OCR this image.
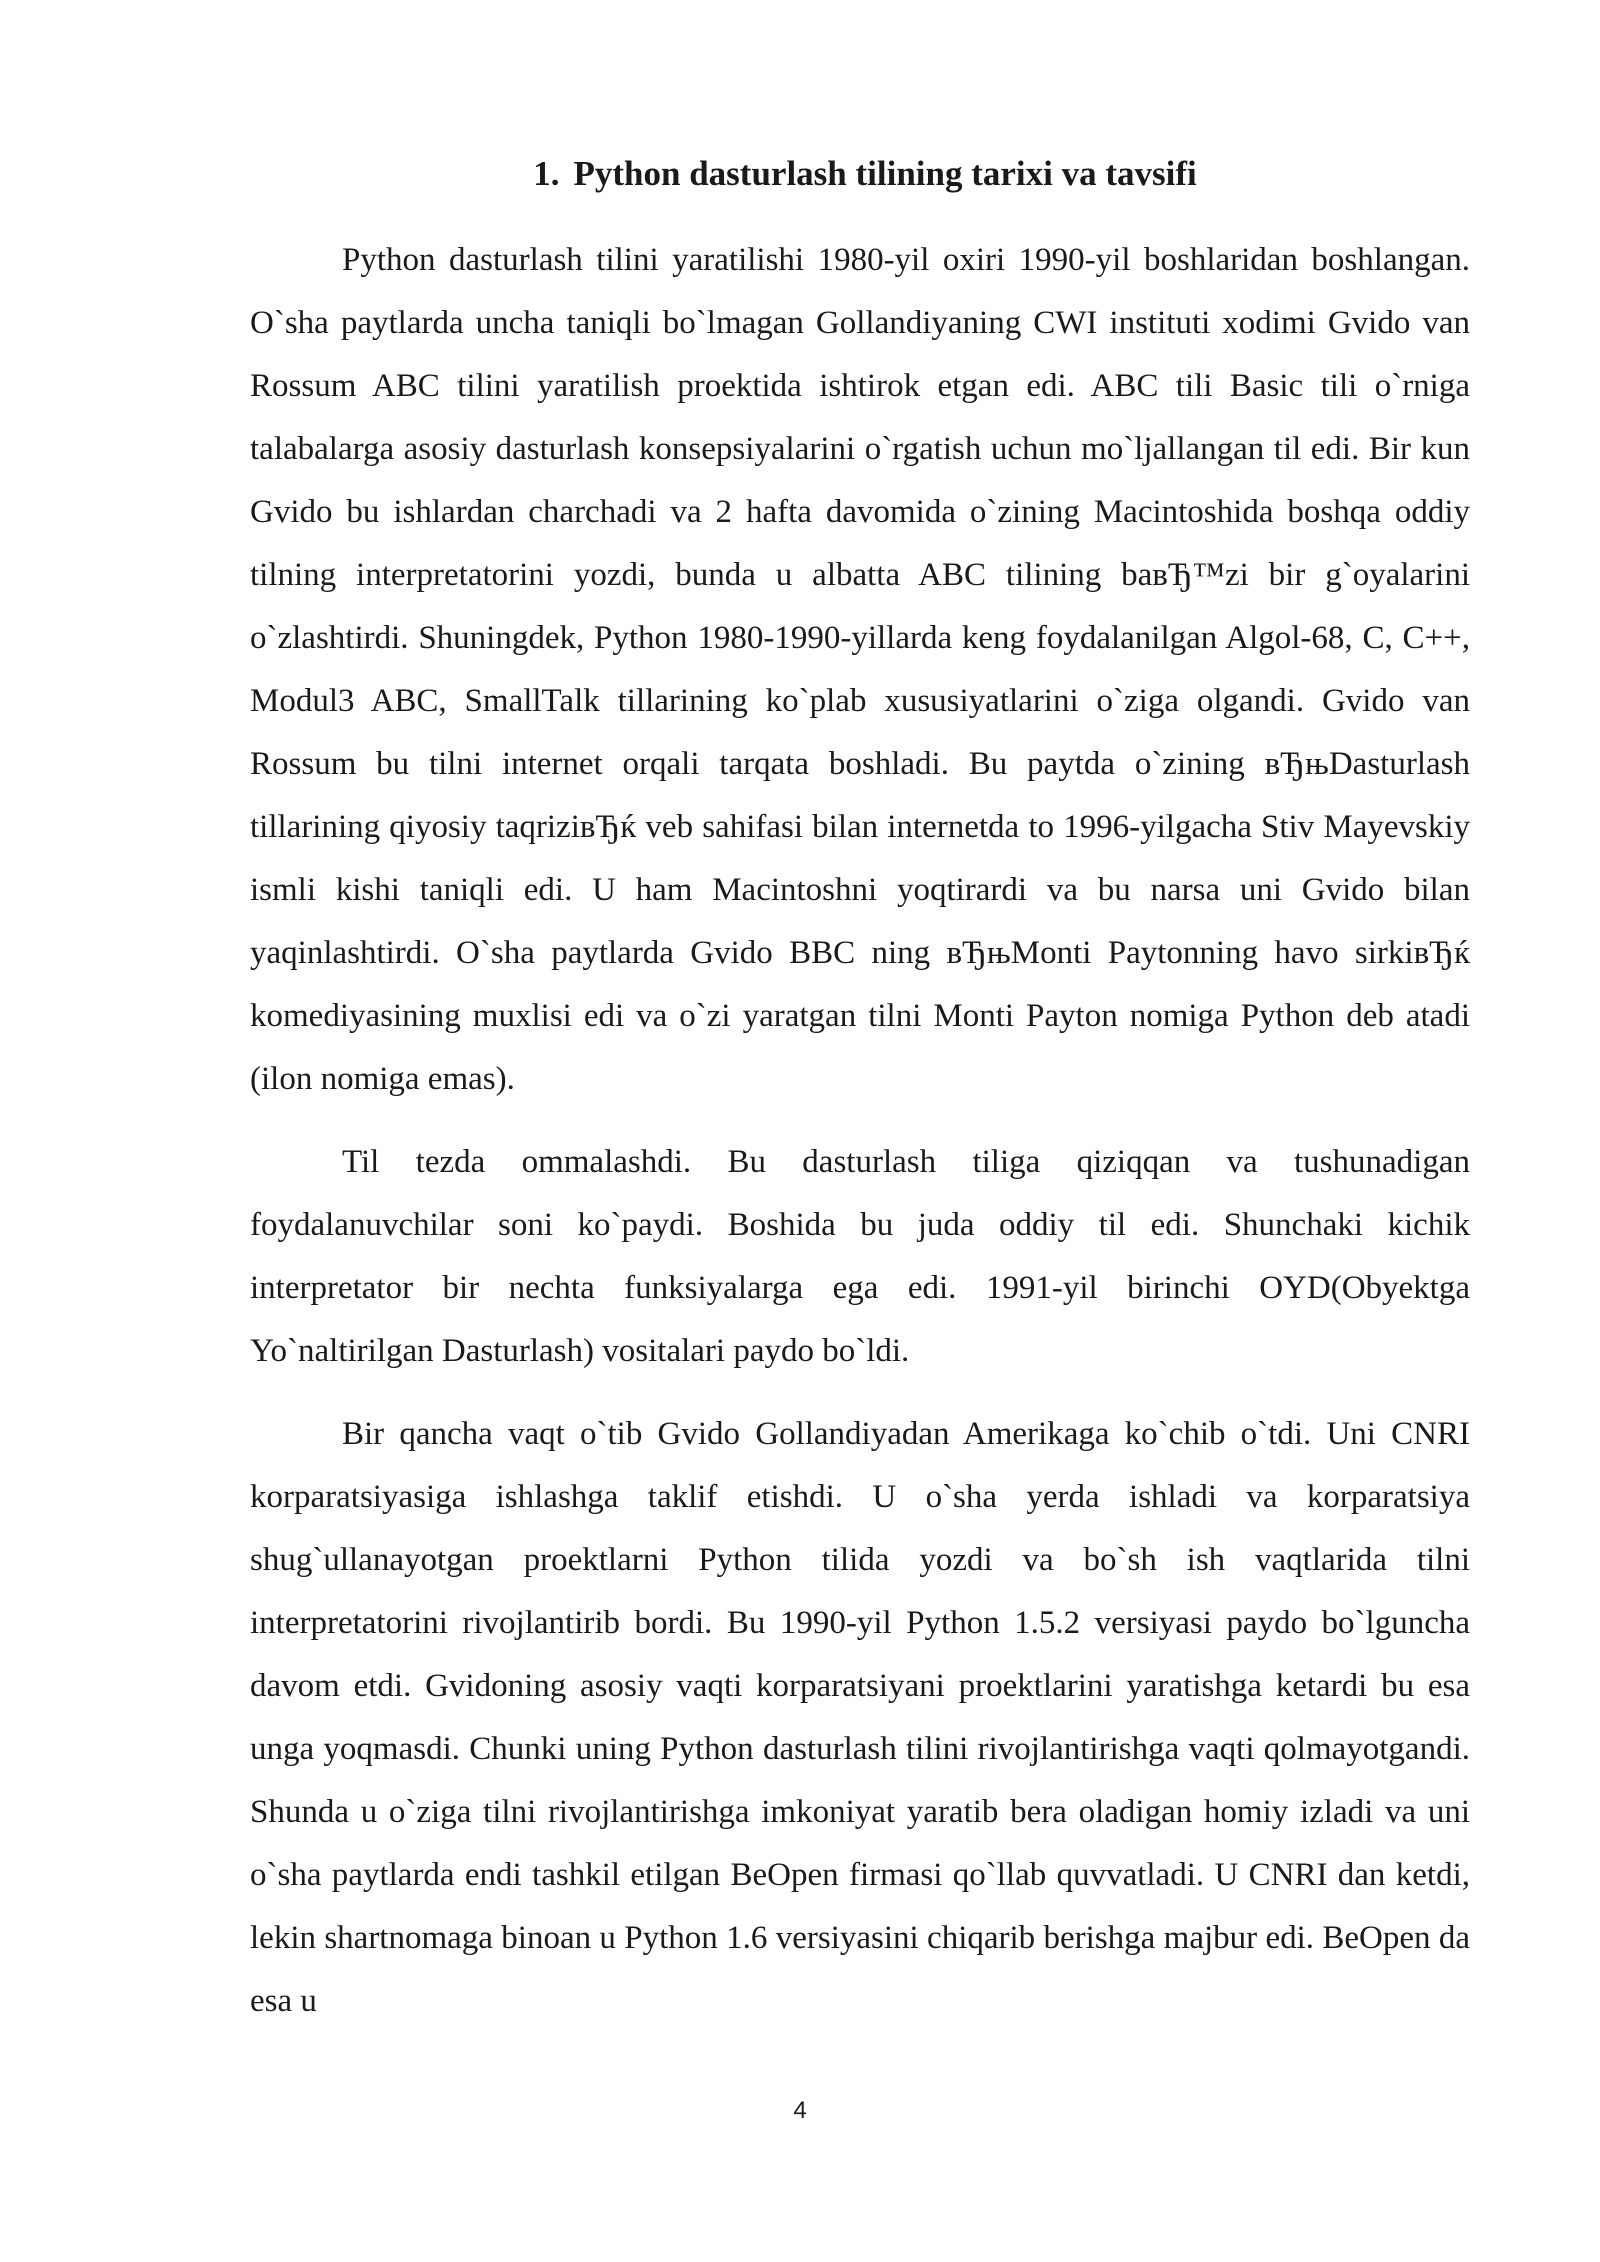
1. Python dasturlash tilining tarixi va tavsifi

Python dasturlash tilini yaratilishi 1980-yil oxiri 1990-yil boshlaridan boshlangan. O`sha paytlarda uncha taniqli bo`lmagan Gollandiyaning CWI instituti xodimi Gvido van Rossum ABC tilini yaratilish proektida ishtirok etgan edi. ABC tili Basic tili o`rniga talabalarga asosiy dasturlash konsepsiyalarini o`rgatish uchun mo`ljallangan til edi. Bir kun Gvido bu ishlardan charchadi va 2 hafta davomida o`zining Macintoshida boshqa oddiy tilning interpretatorini yozdi, bunda u albatta ABC tilining baвЂ™zi bir g`oyalarini o`zlashtirdi. Shuningdek, Python 1980-1990-yillarda keng foydalanilgan Algol-68, C, C++, Modul3 ABC, SmallTalk tillarining ko`plab xususiyatlarini o`ziga olgandi. Gvido van Rossum bu tilni internet orqali tarqata boshladi. Bu paytda o`zining вЂњDasturlash tillarining qiyosiy taqriziвЂќ veb sahifasi bilan internetda to 1996-yilgacha Stiv Mayevskiy ismli kishi taniqli edi. U ham Macintoshni yoqtirardi va bu narsa uni Gvido bilan yaqinlashtirdi. O`sha paytlarda Gvido BBC ning вЂњMonti Paytonning havo sirkiвЂќ komediyasining muxlisi edi va o`zi yaratgan tilni Monti Payton nomiga Python deb atadi (ilon nomiga emas).

Til tezda ommalashdi. Bu dasturlash tiliga qiziqqan va tushunadigan foydalanuvchilar soni ko`paydi. Boshida bu juda oddiy til edi. Shunchaki kichik interpretator bir nechta funksiyalarga ega edi. 1991-yil birinchi OYD(Obyektga Yo`naltirilgan Dasturlash) vositalari paydo bo`ldi.

Bir qancha vaqt o`tib Gvido Gollandiyadan Amerikaga ko`chib o`tdi. Uni CNRI korparatsiyasiga ishlashga taklif etishdi. U o`sha yerda ishladi va korparatsiya shug`ullanayotgan proektlarni Python tilida yozdi va bo`sh ish vaqtlarida tilni interpretatorini rivojlantirib bordi. Bu 1990-yil Python 1.5.2 versiyasi paydo bo`lguncha davom etdi. Gvidoning asosiy vaqti korparatsiyani proektlarini yaratishga ketardi bu esa unga yoqmasdi. Chunki uning Python dasturlash tilini rivojlantirishga vaqti qolmayotgandi. Shunda u o`ziga tilni rivojlantirishga imkoniyat yaratib bera oladigan homiy izladi va uni o`sha paytlarda endi tashkil etilgan BeOpen firmasi qo`llab quvvatladi. U CNRI dan ketdi, lekin shartnomaga binoan u Python 1.6 versiyasini chiqarib berishga majbur edi. BeOpen da esa u

4
